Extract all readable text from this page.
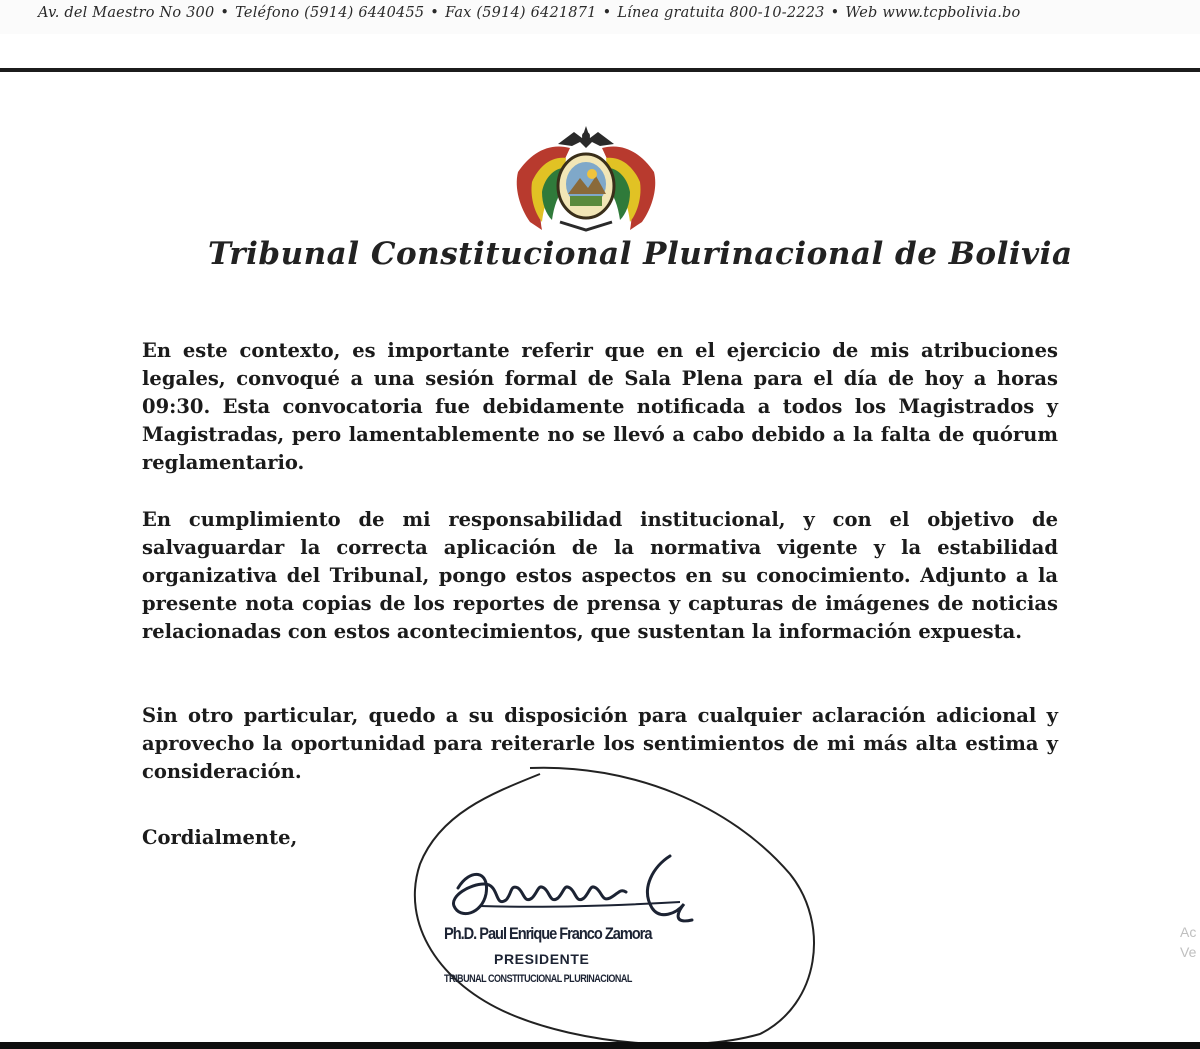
Av. del Maestro No 300 • Teléfono (5914) 6440455 • Fax (5914) 6421871 • Línea gratuita 800-10-2223 • Web www.tcpbolivia.bo
Tribunal Constitucional Plurinacional de Bolivia

En este contexto, es importante referir que en el ejercicio de mis atribuciones legales, convoqué a una sesión formal de Sala Plena para el día de hoy a horas 09:30. Esta convocatoria fue debidamente notificada a todos los Magistrados y Magistradas, pero lamentablemente no se llevó a cabo debido a la falta de quórum reglamentario.

En cumplimiento de mi responsabilidad institucional, y con el objetivo de salvaguardar la correcta aplicación de la normativa vigente y la estabilidad organizativa del Tribunal, pongo estos aspectos en su conocimiento. Adjunto a la presente nota copias de los reportes de prensa y capturas de imágenes de noticias relacionadas con estos acontecimientos, que sustentan la información expuesta.

Sin otro particular, quedo a su disposición para cualquier aclaración adicional y aprovecho la oportunidad para reiterarle los sentimientos de mi más alta estima y consideración.

Cordialmente,
Ph.D. Paul Enrique Franco Zamora
PRESIDENTE
TRIBUNAL CONSTITUCIONAL PLURINACIONAL
Ac
Ve
